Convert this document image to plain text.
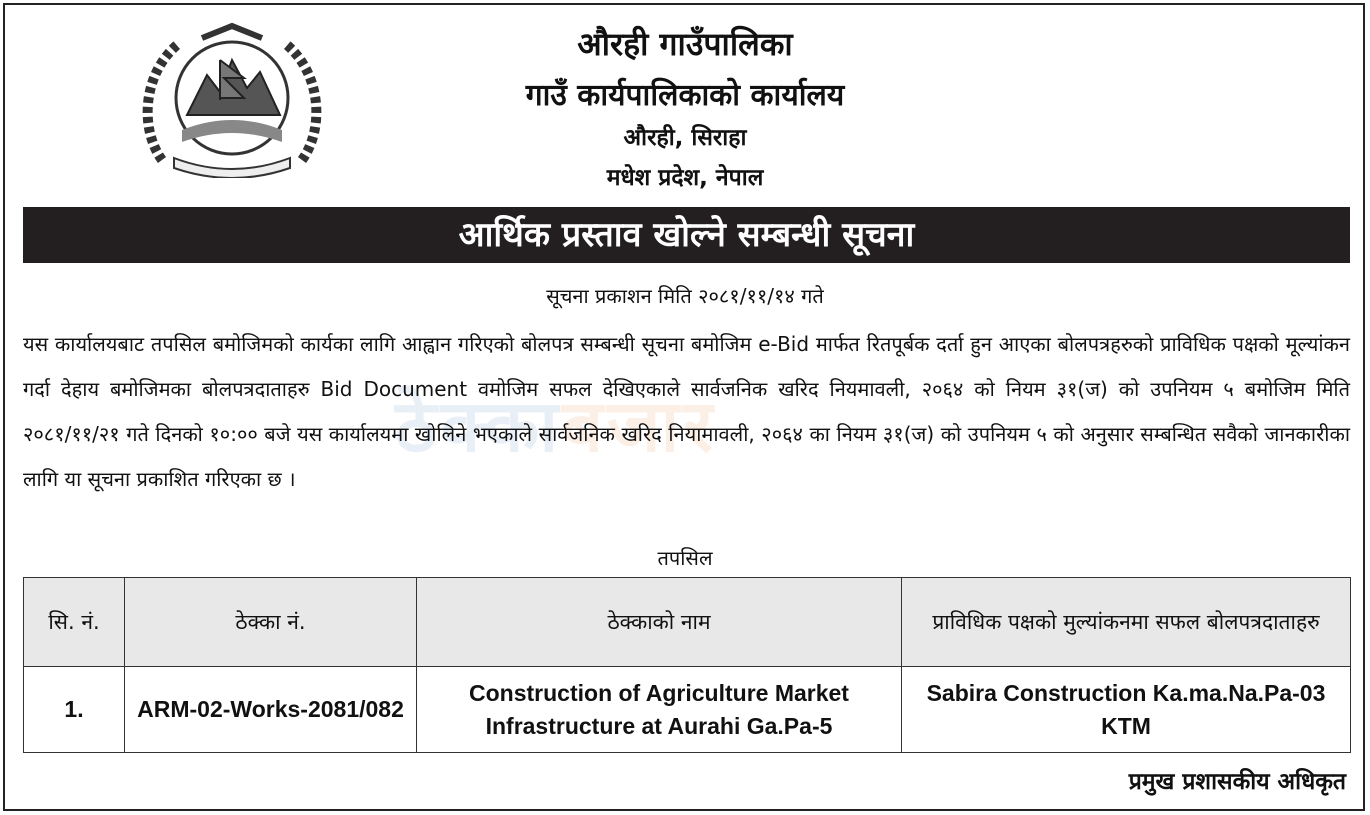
औरही गाउँपालिका
गाउँ कार्यपालिकाको कार्यालय
औरही, सिराहा
मधेश प्रदेश, नेपाल
आर्थिक प्रस्ताव खोल्ने सम्बन्धी सूचना
सूचना प्रकाशन मिति २०८१/११/१४ गते
ठेक्काबजार
यस कार्यालयबाट तपसिल बमोजिमको कार्यका लागि आह्वान गरिएको बोलपत्र सम्बन्धी सूचना बमोजिम e-Bid मार्फत रितपूर्बक दर्ता हुन आएका बोलपत्रहरुको प्राविधिक पक्षको मूल्यांकन गर्दा देहाय बमोजिमका बोलपत्रदाताहरु Bid Document वमोजिम सफल देखिएकाले सार्वजनिक खरिद नियमावली, २०६४ को नियम ३१(ज) को उपनियम ५ बमोजिम मिति २०८१/११/२१ गते दिनको १०:०० बजे यस कार्यालयमा खोलिने भएकाले सार्वजनिक खरिद नियामावली, २०६४ का नियम ३१(ज) को उपनियम ५ को अनुसार सम्बन्धित सवैको जानकारीका लागि या सूचना प्रकाशित गरिएका छ ।
तपसिल
सि. नं.	ठेक्का नं.	ठेक्काको नाम	प्राविधिक पक्षको मुल्यांकनमा सफल बोलपत्रदाताहरु
1.	ARM-02-Works-2081/082	Construction of Agriculture Market Infrastructure at Aurahi Ga.Pa-5	Sabira Construction Ka.ma.Na.Pa-03 KTM
प्रमुख प्रशासकीय अधिकृत
